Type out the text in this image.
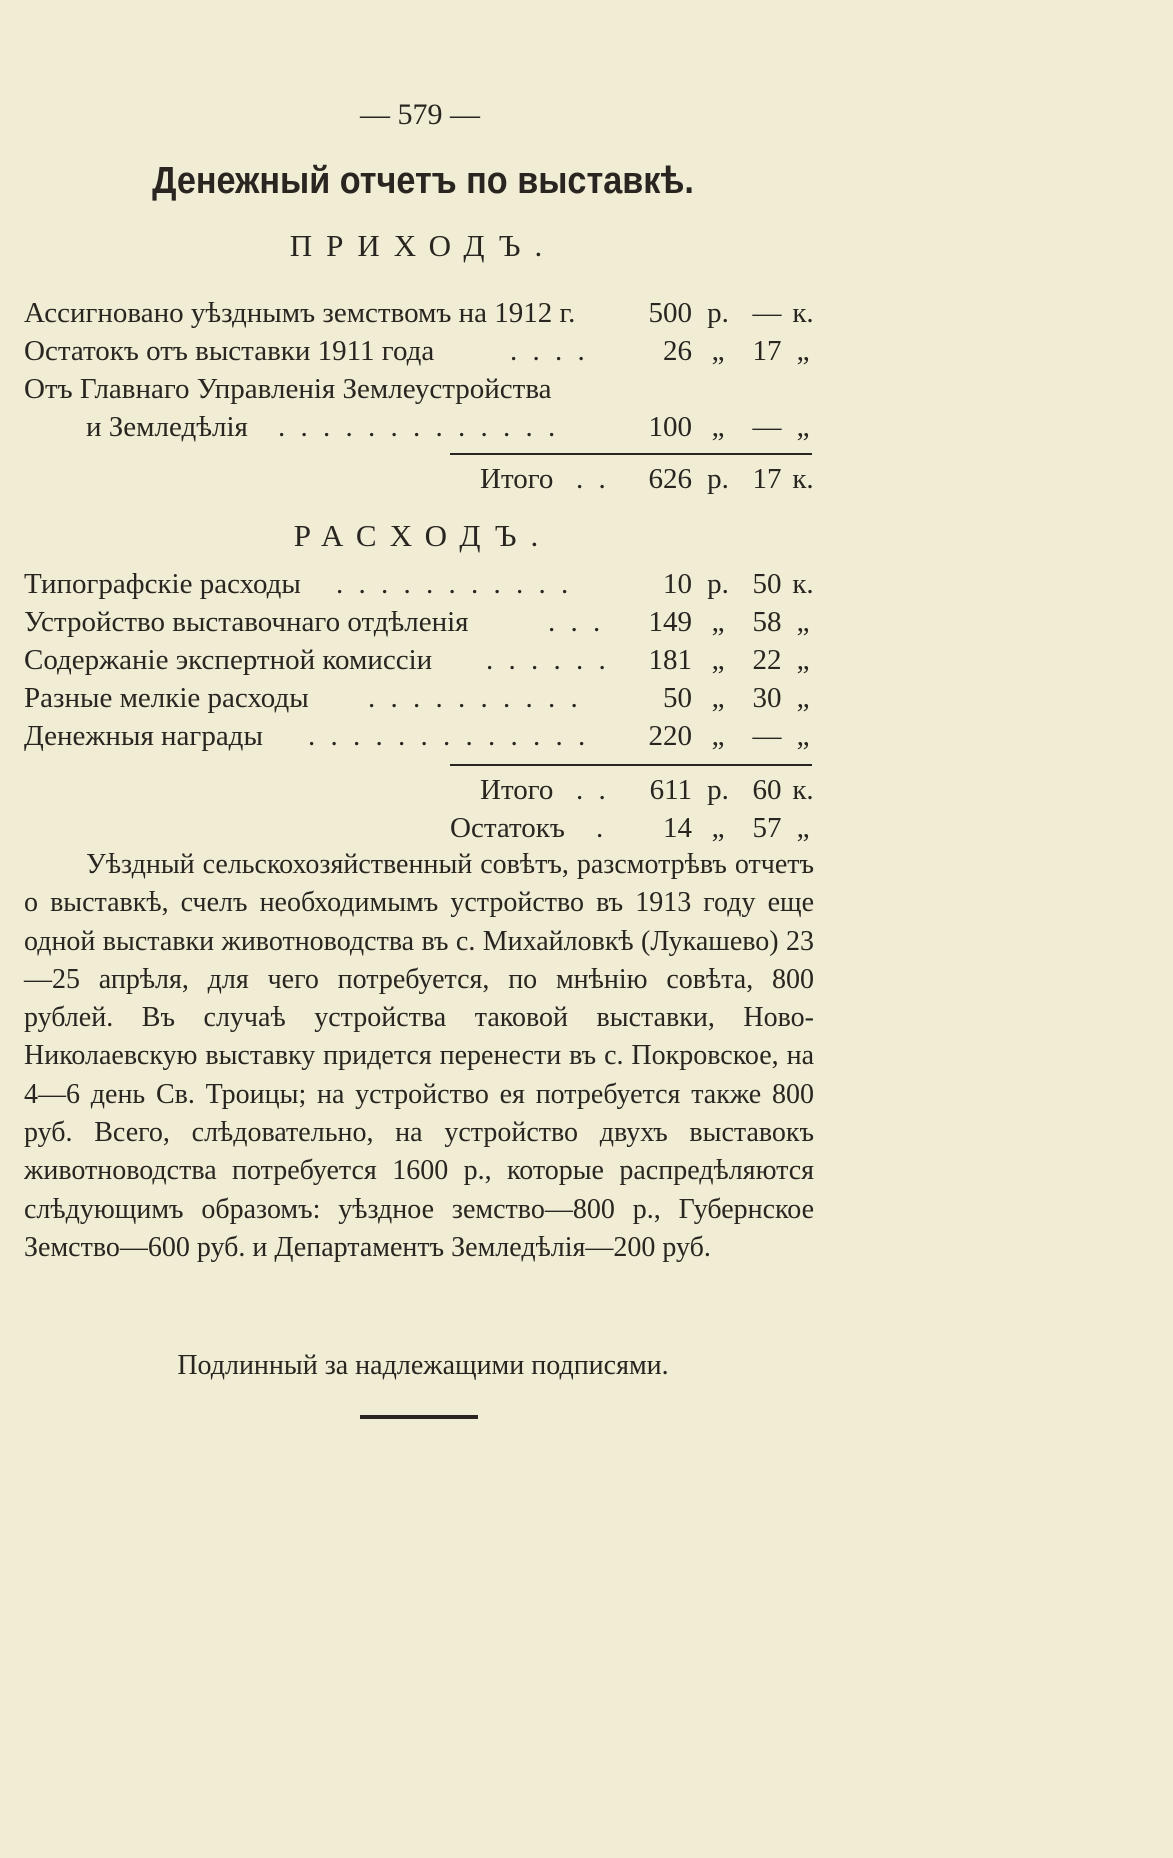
— 579 —
Денежный отчетъ по выставкѣ.
ПРИХОДЪ.
Ассигновано уѣзднымъ земствомъ на 1912 г.	500 р. — к.
Остатокъ отъ выставки 1911 года	. . . .	26 „ 17 „
Отъ Главнаго Управленія Землеустройства
и Земледѣлія . . . . . . . . . . . . .	100 „ — „
Итого . . 626 р. 17 к.
РАСХОДЪ.
Типографскіе расходы . . . . . . . . . . .	10 р. 50 к.
Устройство выставочнаго отдѣленія	. . . 149 „ 58 „
Содержаніе экспертной комиссіи . . . . . . 181 „ 22 „
Разные мелкіе расходы . . . . . . . . . .	50 „ 30 „
Денежныя награды . . . . . . . . . . . . . 220 „ — „
Итого . . 611 р. 60 к.
Остатокъ . 14 „ 57 „

Уѣздный сельскохозяйственный совѣтъ, разсмотрѣвъ отчетъ о выставкѣ, счелъ необходимымъ устройство въ 1913 году еще одной выставки животноводства въ с. Михайловкѣ (Лукашево) 23—25 апрѣля, для чего потребуется, по мнѣнію совѣта, 800 рублей. Въ случаѣ устройства таковой выставки, Ново-Николаевскую выставку придется перенести въ с. Покровское, на 4—6 день Св. Троицы; на устройство ея потребуется также 800 руб. Всего, слѣдовательно, на устройство двухъ выставокъ животноводства потребуется 1600 р., которые распредѣляются слѣдующимъ образомъ: уѣздное земство—800 р., Губернское Земство—600 руб. и Департаментъ Земледѣлія—200 руб.

Подлинный за надлежащими подписями.
